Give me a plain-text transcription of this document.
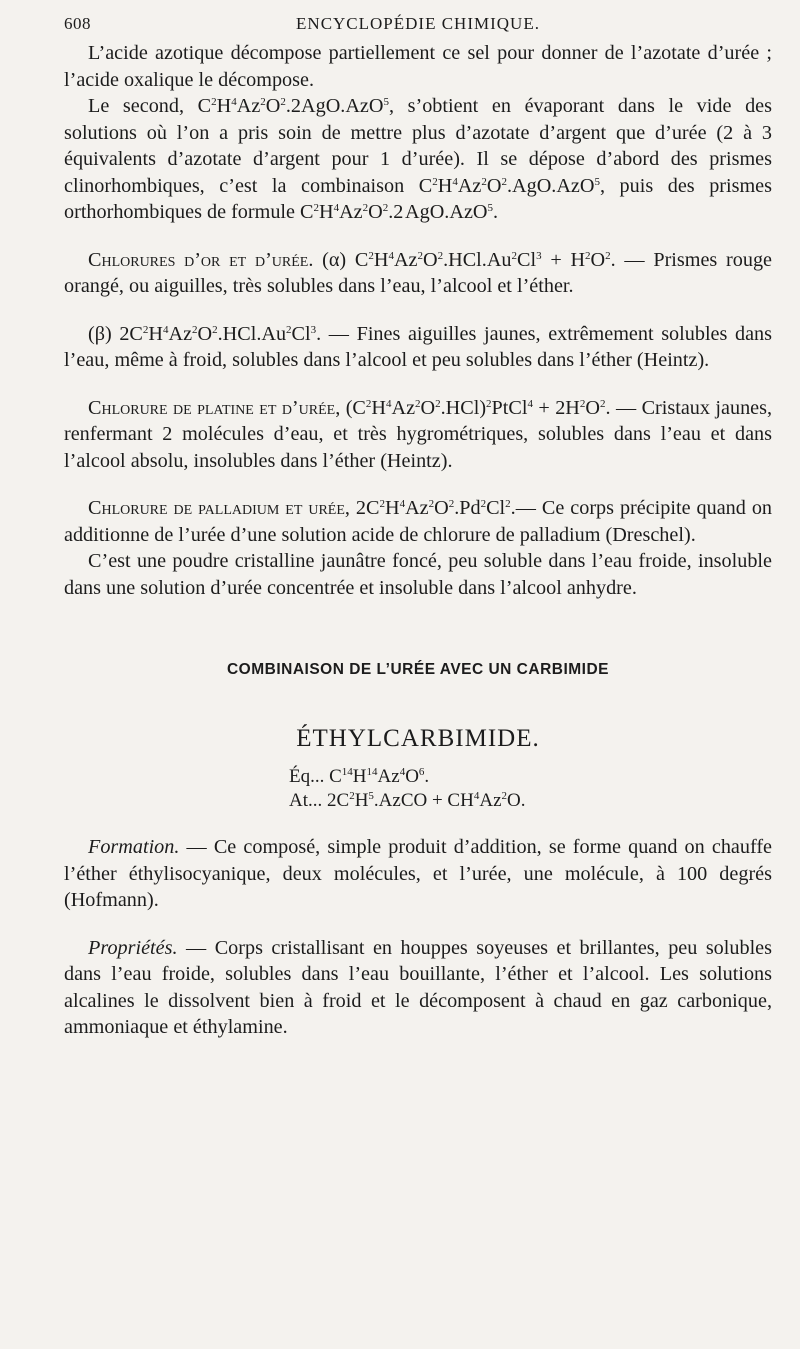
608	ENCYCLOPÉDIE CHIMIQUE.

L’acide azotique décompose partiellement ce sel pour donner de l’azotate d’urée ; l’acide oxalique le décompose.

Le second, $C^2H^4Az^2O^2.2AgO.AzO^5$, s’obtient en évaporant dans le vide des solutions où l’on a pris soin de mettre plus d’azotate d’argent que d’urée (2 à 3 équivalents d’azotate d’argent pour 1 d’urée). Il se dépose d’abord des prismes clinorhombiques, c’est la combinaison $C^2H^4Az^2O^2.AgO.AzO^5$, puis des prismes orthorhombiques de formule $C^2H^4Az^2O^2.2$ AgO.AzO$^5$.

Chlorures d’or et d’urée. (α) $C^2H^4Az^2O^2.HCl.Au^2Cl^3 + H^2O^2$. — Prismes rouge orangé, ou aiguilles, très solubles dans l’eau, l’alcool et l’éther.

(β) $2C^2H^4Az^2O^2.HCl.Au^2Cl^3$. — Fines aiguilles jaunes, extrêmement solubles dans l’eau, même à froid, solubles dans l’alcool et peu solubles dans l’éther (Heintz).

Chlorure de platine et d’urée, $(C^2H^4Az^2O^2.HCl)^2PtCl^4 + 2H^2O^2$. — Cristaux jaunes, renfermant 2 molécules d’eau, et très hygrométriques, solubles dans l’eau et dans l’alcool absolu, insolubles dans l’éther (Heintz).

Chlorure de palladium et urée, $2C^2H^4Az^2O^2.Pd^2Cl^2.—$ Ce corps précipite quand on additionne de l’urée d’une solution acide de chlorure de palladium (Dreschel).

C’est une poudre cristalline jaunâtre foncé, peu soluble dans l’eau froide, insoluble dans une solution d’urée concentrée et insoluble dans l’alcool anhydre.

COMBINAISON DE L’URÉE AVEC UN CARBIMIDE
ÉTHYLCARBIMIDE.
Éq... $C^{14}H^{14}Az^4O^6$.
At... $2C^2H^5.AzCO + CH^4Az^2O$.

Formation. — Ce composé, simple produit d’addition, se forme quand on chauffe l’éther éthylisocyanique, deux molécules, et l’urée, une molécule, à 100 degrés (Hofmann).

Propriétés. — Corps cristallisant en houppes soyeuses et brillantes, peu solubles dans l’eau froide, solubles dans l’eau bouillante, l’éther et l’alcool. Les solutions alcalines le dissolvent bien à froid et le décomposent à chaud en gaz carbonique, ammoniaque et éthylamine.
